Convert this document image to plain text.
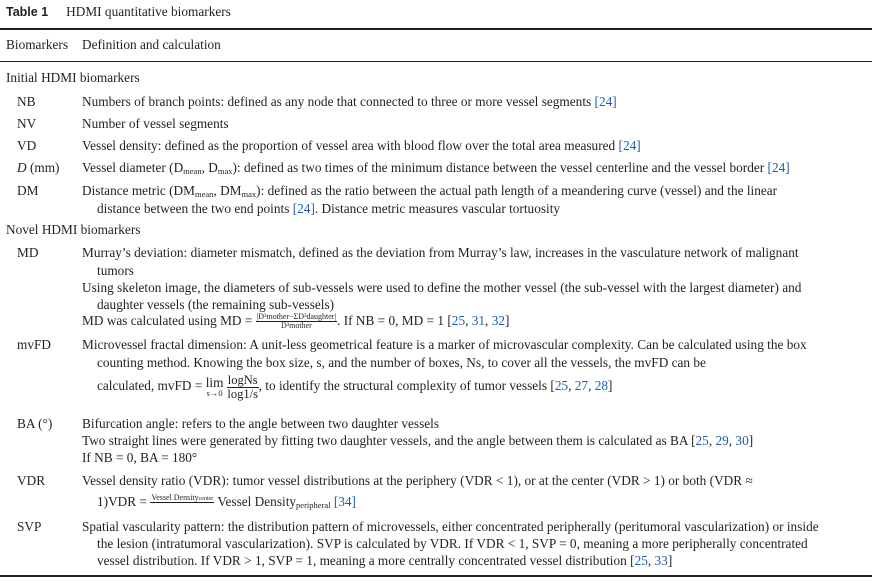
Table 1 HDMI quantitative biomarkers
Biomarkers Definition and calculation
Initial HDMI biomarkers
NB	Numbers of branch points: defined as any node that connected to three or more vessel segments [24]
NV	Number of vessel segments
VD	Vessel density: defined as the proportion of vessel area with blood flow over the total area measured [24]
D (mm) Vessel diameter ($D_{mean}$, $D_{max}$): defined as two times of the minimum distance between the vessel centerline and the vessel border [24]
DM	Distance metric ($DM_{mean}$, $DM_{max}$): defined as the ratio between the actual path length of a meandering curve (vessel) and the linear
distance between the two end points [24]. Distance metric measures vascular tortuosity
Novel HDMI biomarkers
MD	Murray’s deviation: diameter mismatch, defined as the deviation from Murray’s law, increases in the vasculature network of malignant
tumors
Using skeleton image, the diameters of sub-vessels were used to define the mother vessel (the sub-vessel with the largest diameter) and
daughter vessels (the remaining sub-vessels)
MD was calculated using MD = $\frac{\text{|D³mother−ΣD³daughter|}}{\text{D³mother}}$ . If NB = 0, MD = 1 [25, 31, 32]
mvFD Microvessel fractal dimension: A unit-less geometrical feature is a marker of microvascular complexity. Can be calculated using the box
counting method. Knowing the box size, s, and the number of boxes, Ns, to cover all the vessels, the mvFD can be
calculated, mvFD = lim
s→0
$\frac{\text{logNs}}{\log 1/s}$ , to identify the structural complexity of tumor vessels [25, 27, 28]
BA (°) Bifurcation angle: refers to the angle between two daughter vessels
Two straight lines were generated by fitting two daughter vessels, and the angle between them is calculated as BA [25, 29, 30]
If NB = 0, BA = 180°
VDR	Vessel density ratio (VDR): tumor vessel distributions at the periphery (VDR < 1), or at the center (VDR > 1) or both (VDR ≈
1)VDR = Vessel Densitycenter
Vessel Density$_{peripheral}$ [34]
SVP	Spatial vascularity pattern: the distribution pattern of microvessels, either concentrated peripherally (peritumoral vascularization) or inside
the lesion (intratumoral vascularization). SVP is calculated by VDR. If VDR < 1, SVP = 0, meaning a more peripherally concentrated
vessel distribution. If VDR > 1, SVP = 1, meaning a more centrally concentrated vessel distribution [25, 33]
